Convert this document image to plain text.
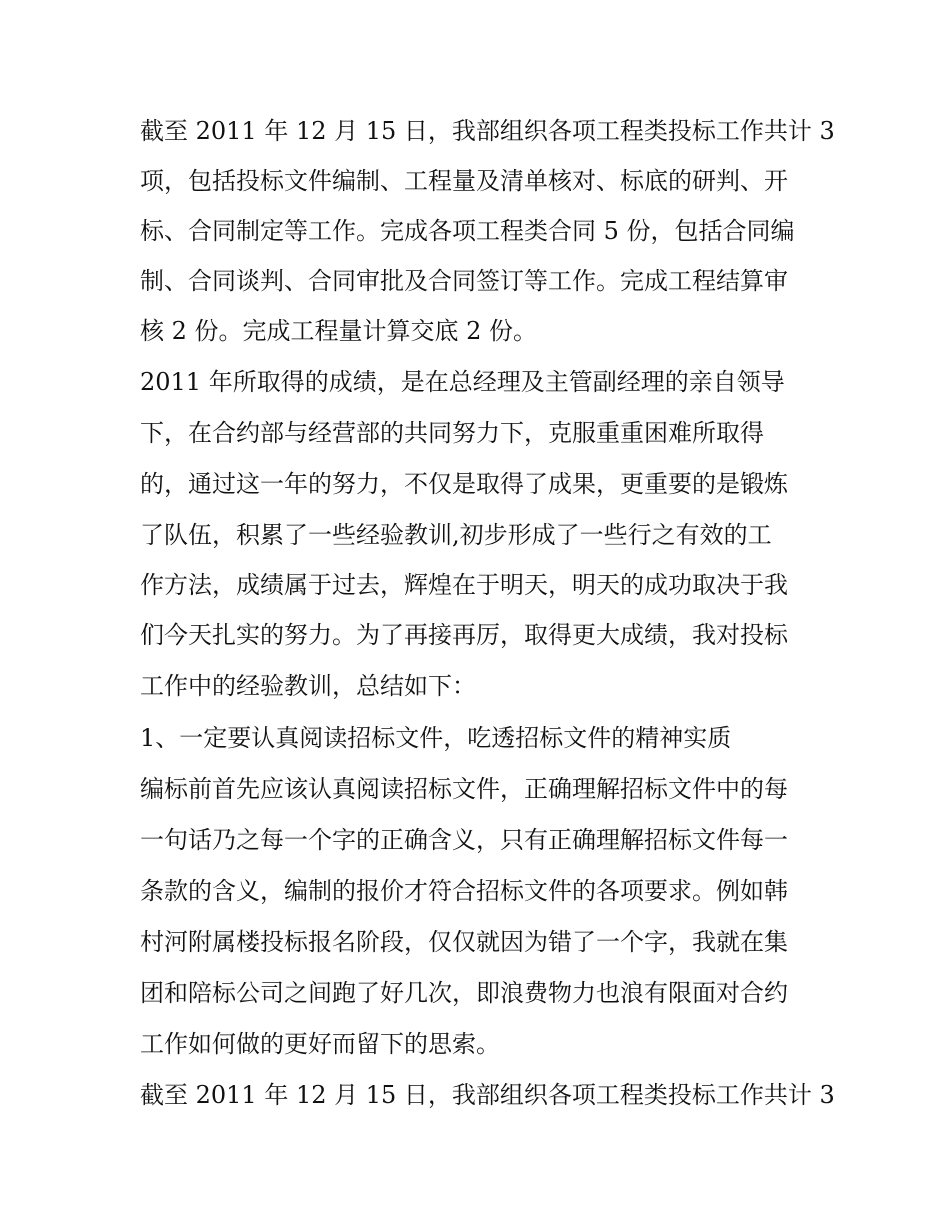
截至 2011 年 12 月 15 日，我部组织各项工程类投标工作共计 3

项，包括投标文件编制、工程量及清单核对、标底的研判、开

标、合同制定等工作。完成各项工程类合同 5 份，包括合同编

制、合同谈判、合同审批及合同签订等工作。完成工程结算审

核 2 份。完成工程量计算交底 2 份。

2011 年所取得的成绩，是在总经理及主管副经理的亲自领导

下，在合约部与经营部的共同努力下，克服重重困难所取得

的，通过这一年的努力，不仅是取得了成果，更重要的是锻炼

了队伍，积累了一些经验教训,初步形成了一些行之有效的工

作方法，成绩属于过去，辉煌在于明天，明天的成功取决于我

们今天扎实的努力。为了再接再厉，取得更大成绩，我对投标

工作中的经验教训，总结如下：

1、一定要认真阅读招标文件，吃透招标文件的精神实质

编标前首先应该认真阅读招标文件，正确理解招标文件中的每

一句话乃之每一个字的正确含义，只有正确理解招标文件每一

条款的含义，编制的报价才符合招标文件的各项要求。例如韩

村河附属楼投标报名阶段，仅仅就因为错了一个字，我就在集

团和陪标公司之间跑了好几次，即浪费物力也浪有限面对合约

工作如何做的更好而留下的思索。

截至 2011 年 12 月 15 日，我部组织各项工程类投标工作共计 3
